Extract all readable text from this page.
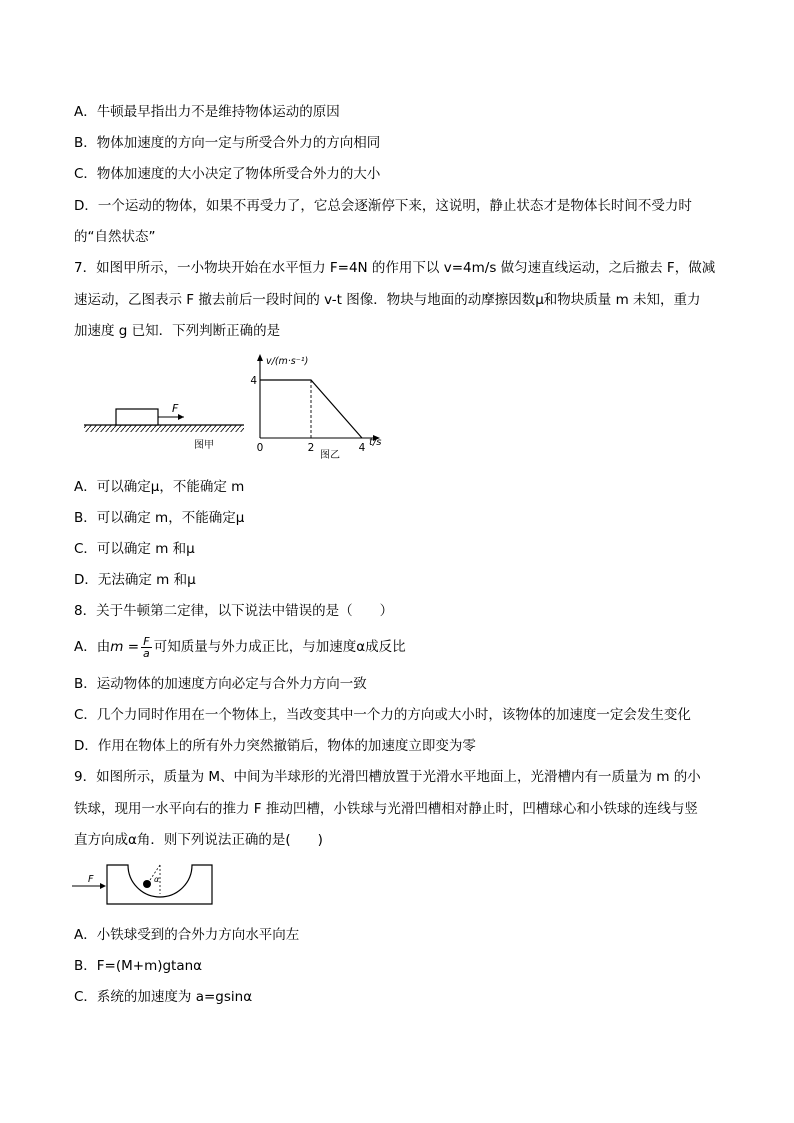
A．牛顿最早指出力不是维持物体运动的原因
B．物体加速度的方向一定与所受合外力的方向相同
C．物体加速度的大小决定了物体所受合外力的大小
D．一个运动的物体，如果不再受力了，它总会逐渐停下来，这说明，静止状态才是物体长时间不受力时
的“自然状态”
7．如图甲所示，一小物块开始在水平恒力 F=4N 的作用下以 v=4m/s 做匀速直线运动，之后撤去 F，做减
速运动，乙图表示 F 撤去前后一段时间的 v-t 图像．物块与地面的动摩擦因数μ和物块质量 m 未知，重力
加速度 g 已知．下列判断正确的是
F
图甲
v/(m·s⁻¹)
t/s
4
0	2	4
图乙
A．可以确定μ，不能确定 m
B．可以确定 m，不能确定μ
C．可以确定 m 和μ
D．无法确定 m 和μ
8．关于牛顿第二定律，以下说法中错误的是（　　）
A．由$m = \frac{F}{a}$ 可知质量与外力成正比，与加速度α成反比
B．运动物体的加速度方向必定与合外力方向一致
C．几个力同时作用在一个物体上，当改变其中一个力的方向或大小时，该物体的加速度一定会发生变化
D．作用在物体上的所有外力突然撤销后，物体的加速度立即变为零
9．如图所示，质量为 M、中间为半球形的光滑凹槽放置于光滑水平地面上，光滑槽内有一质量为 m 的小
铁球，现用一水平向右的推力 F 推动凹槽，小铁球与光滑凹槽相对静止时，凹槽球心和小铁球的连线与竖
直方向成α角．则下列说法正确的是(　　)
F	α
A．小铁球受到的合外力方向水平向左
B．F=(M+m)gtanα
C．系统的加速度为 a=gsinα
